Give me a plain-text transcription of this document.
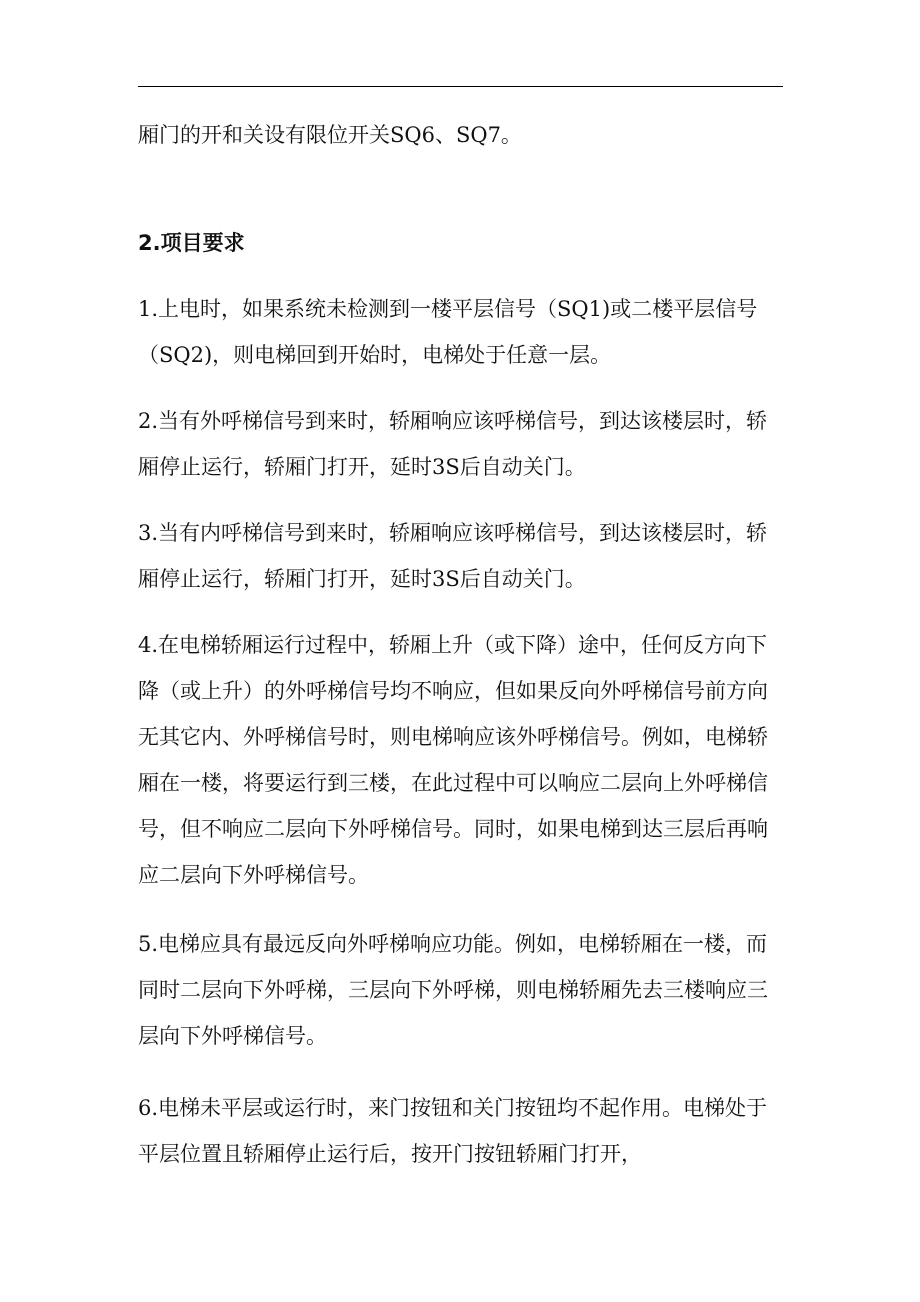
厢门的开和关设有限位开关SQ6、SQ7。

2.项目要求

1.上电时，如果系统未检测到一楼平层信号（SQ1)或二楼平层信号（SQ2)，则电梯回到开始时，电梯处于任意一层。

2.当有外呼梯信号到来时，轿厢响应该呼梯信号，到达该楼层时，轿厢停止运行，轿厢门打开，延时3S后自动关门。

3.当有内呼梯信号到来时，轿厢响应该呼梯信号，到达该楼层时，轿厢停止运行，轿厢门打开，延时3S后自动关门。

4.在电梯轿厢运行过程中，轿厢上升（或下降）途中，任何反方向下降（或上升）的外呼梯信号均不响应，但如果反向外呼梯信号前方向无其它内、外呼梯信号时，则电梯响应该外呼梯信号。例如，电梯轿厢在一楼，将要运行到三楼，在此过程中可以响应二层向上外呼梯信号，但不响应二层向下外呼梯信号。同时，如果电梯到达三层后再响应二层向下外呼梯信号。

5.电梯应具有最远反向外呼梯响应功能。例如，电梯轿厢在一楼，而同时二层向下外呼梯，三层向下外呼梯，则电梯轿厢先去三楼响应三层向下外呼梯信号。

6.电梯未平层或运行时，来门按钮和关门按钮均不起作用。电梯处于平层位置且轿厢停止运行后，按开门按钮轿厢门打开，
